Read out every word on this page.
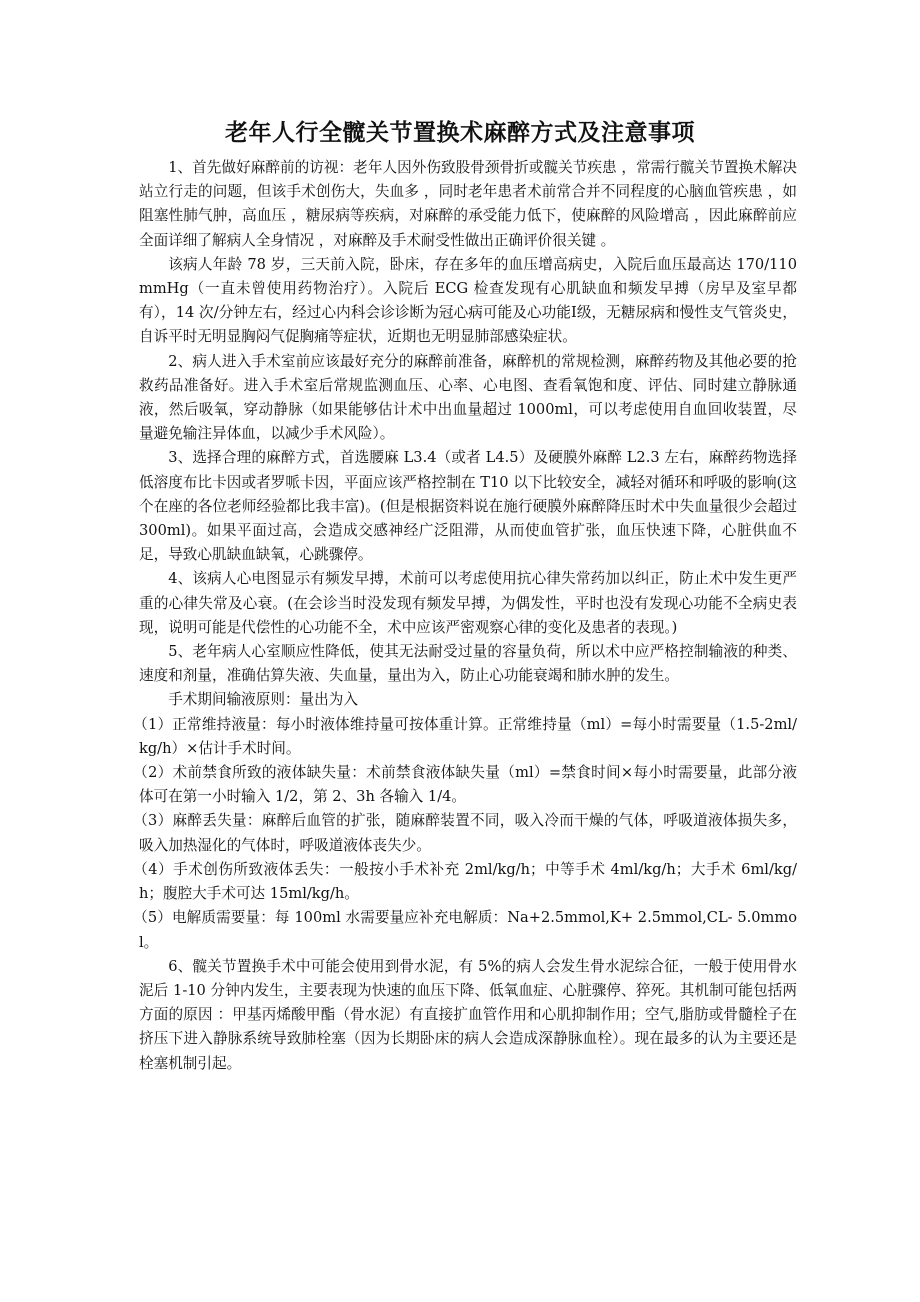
老年人行全髋关节置换术麻醉方式及注意事项

1、首先做好麻醉前的访视：老年人因外伤致股骨颈骨折或髋关节疾患 ，常需行髋关节置换术解决站立行走的问题，但该手术创伤大，失血多 ，同时老年患者术前常合并不同程度的心脑血管疾患 ，如阻塞性肺气肿，高血压 ，糖尿病等疾病，对麻醉的承受能力低下，使麻醉的风险增高 ，因此麻醉前应全面详细了解病人全身情况 ，对麻醉及手术耐受性做出正确评价很关键 。

该病人年龄 78 岁，三天前入院，卧床，存在多年的血压增高病史，入院后血压最高达 170/110mmHg（一直未曾使用药物治疗）。入院后 ECG 检查发现有心肌缺血和频发早搏（房早及室早都有），14 次/分钟左右，经过心内科会诊诊断为冠心病可能及心功能Ⅰ级，无糖尿病和慢性支气管炎史，自诉平时无明显胸闷气促胸痛等症状，近期也无明显肺部感染症状。

2、病人进入手术室前应该最好充分的麻醉前准备，麻醉机的常规检测，麻醉药物及其他必要的抢救药品准备好。进入手术室后常规监测血压、心率、心电图、查看氧饱和度、评估、同时建立静脉通液，然后吸氧，穿动静脉（如果能够估计术中出血量超过 1000ml，可以考虑使用自血回收装置，尽量避免输注异体血，以减少手术风险）。

3、选择合理的麻醉方式，首选腰麻 L3.4（或者 L4.5）及硬膜外麻醉 L2.3 左右，麻醉药物选择低溶度布比卡因或者罗哌卡因，平面应该严格控制在 T10 以下比较安全，减轻对循环和呼吸的影响(这个在座的各位老师经验都比我丰富)。(但是根据资料说在施行硬膜外麻醉降压时术中失血量很少会超过 300ml)。如果平面过高，会造成交感神经广泛阻滞，从而使血管扩张，血压快速下降，心脏供血不足，导致心肌缺血缺氧，心跳骤停。

4、该病人心电图显示有频发早搏，术前可以考虑使用抗心律失常药加以纠正，防止术中发生更严重的心律失常及心衰。(在会诊当时没发现有频发早搏，为偶发性，平时也没有发现心功能不全病史表现，说明可能是代偿性的心功能不全，术中应该严密观察心律的变化及患者的表现。)

5、老年病人心室顺应性降低，使其无法耐受过量的容量负荷，所以术中应严格控制输液的种类、速度和剂量，准确估算失液、失血量，量出为入，防止心功能衰竭和肺水肿的发生。

手术期间输液原则：量出为入

（1）正常维持液量：每小时液体维持量可按体重计算。正常维持量（ml）=每小时需要量（1.5-2ml/kg/h）×估计手术时间。

（2）术前禁食所致的液体缺失量：术前禁食液体缺失量（ml）=禁食时间×每小时需要量，此部分液体可在第一小时输入 1/2，第 2、3h 各输入 1/4。

（3）麻醉丢失量：麻醉后血管的扩张，随麻醉装置不同，吸入冷而干燥的气体，呼吸道液体损失多，吸入加热湿化的气体时，呼吸道液体丧失少。

（4）手术创伤所致液体丢失：一般按小手术补充 2ml/kg/h；中等手术 4ml/kg/h；大手术 6ml/kg/h；腹腔大手术可达 15ml/kg/h。

（5）电解质需要量：每 100ml 水需要量应补充电解质：Na+2.5mmol,K+ 2.5mmol,CL- 5.0mmol。

6、髋关节置换手术中可能会使用到骨水泥，有 5%的病人会发生骨水泥综合征，一般于使用骨水泥后 1-10 分钟内发生，主要表现为快速的血压下降、低氧血症、心脏骤停、猝死。其机制可能包括两方面的原因 ：甲基丙烯酸甲酯（骨水泥）有直接扩血管作用和心肌抑制作用；空气,脂肪或骨髓栓子在挤压下进入静脉系统导致肺栓塞（因为长期卧床的病人会造成深静脉血栓）。现在最多的认为主要还是栓塞机制引起。
